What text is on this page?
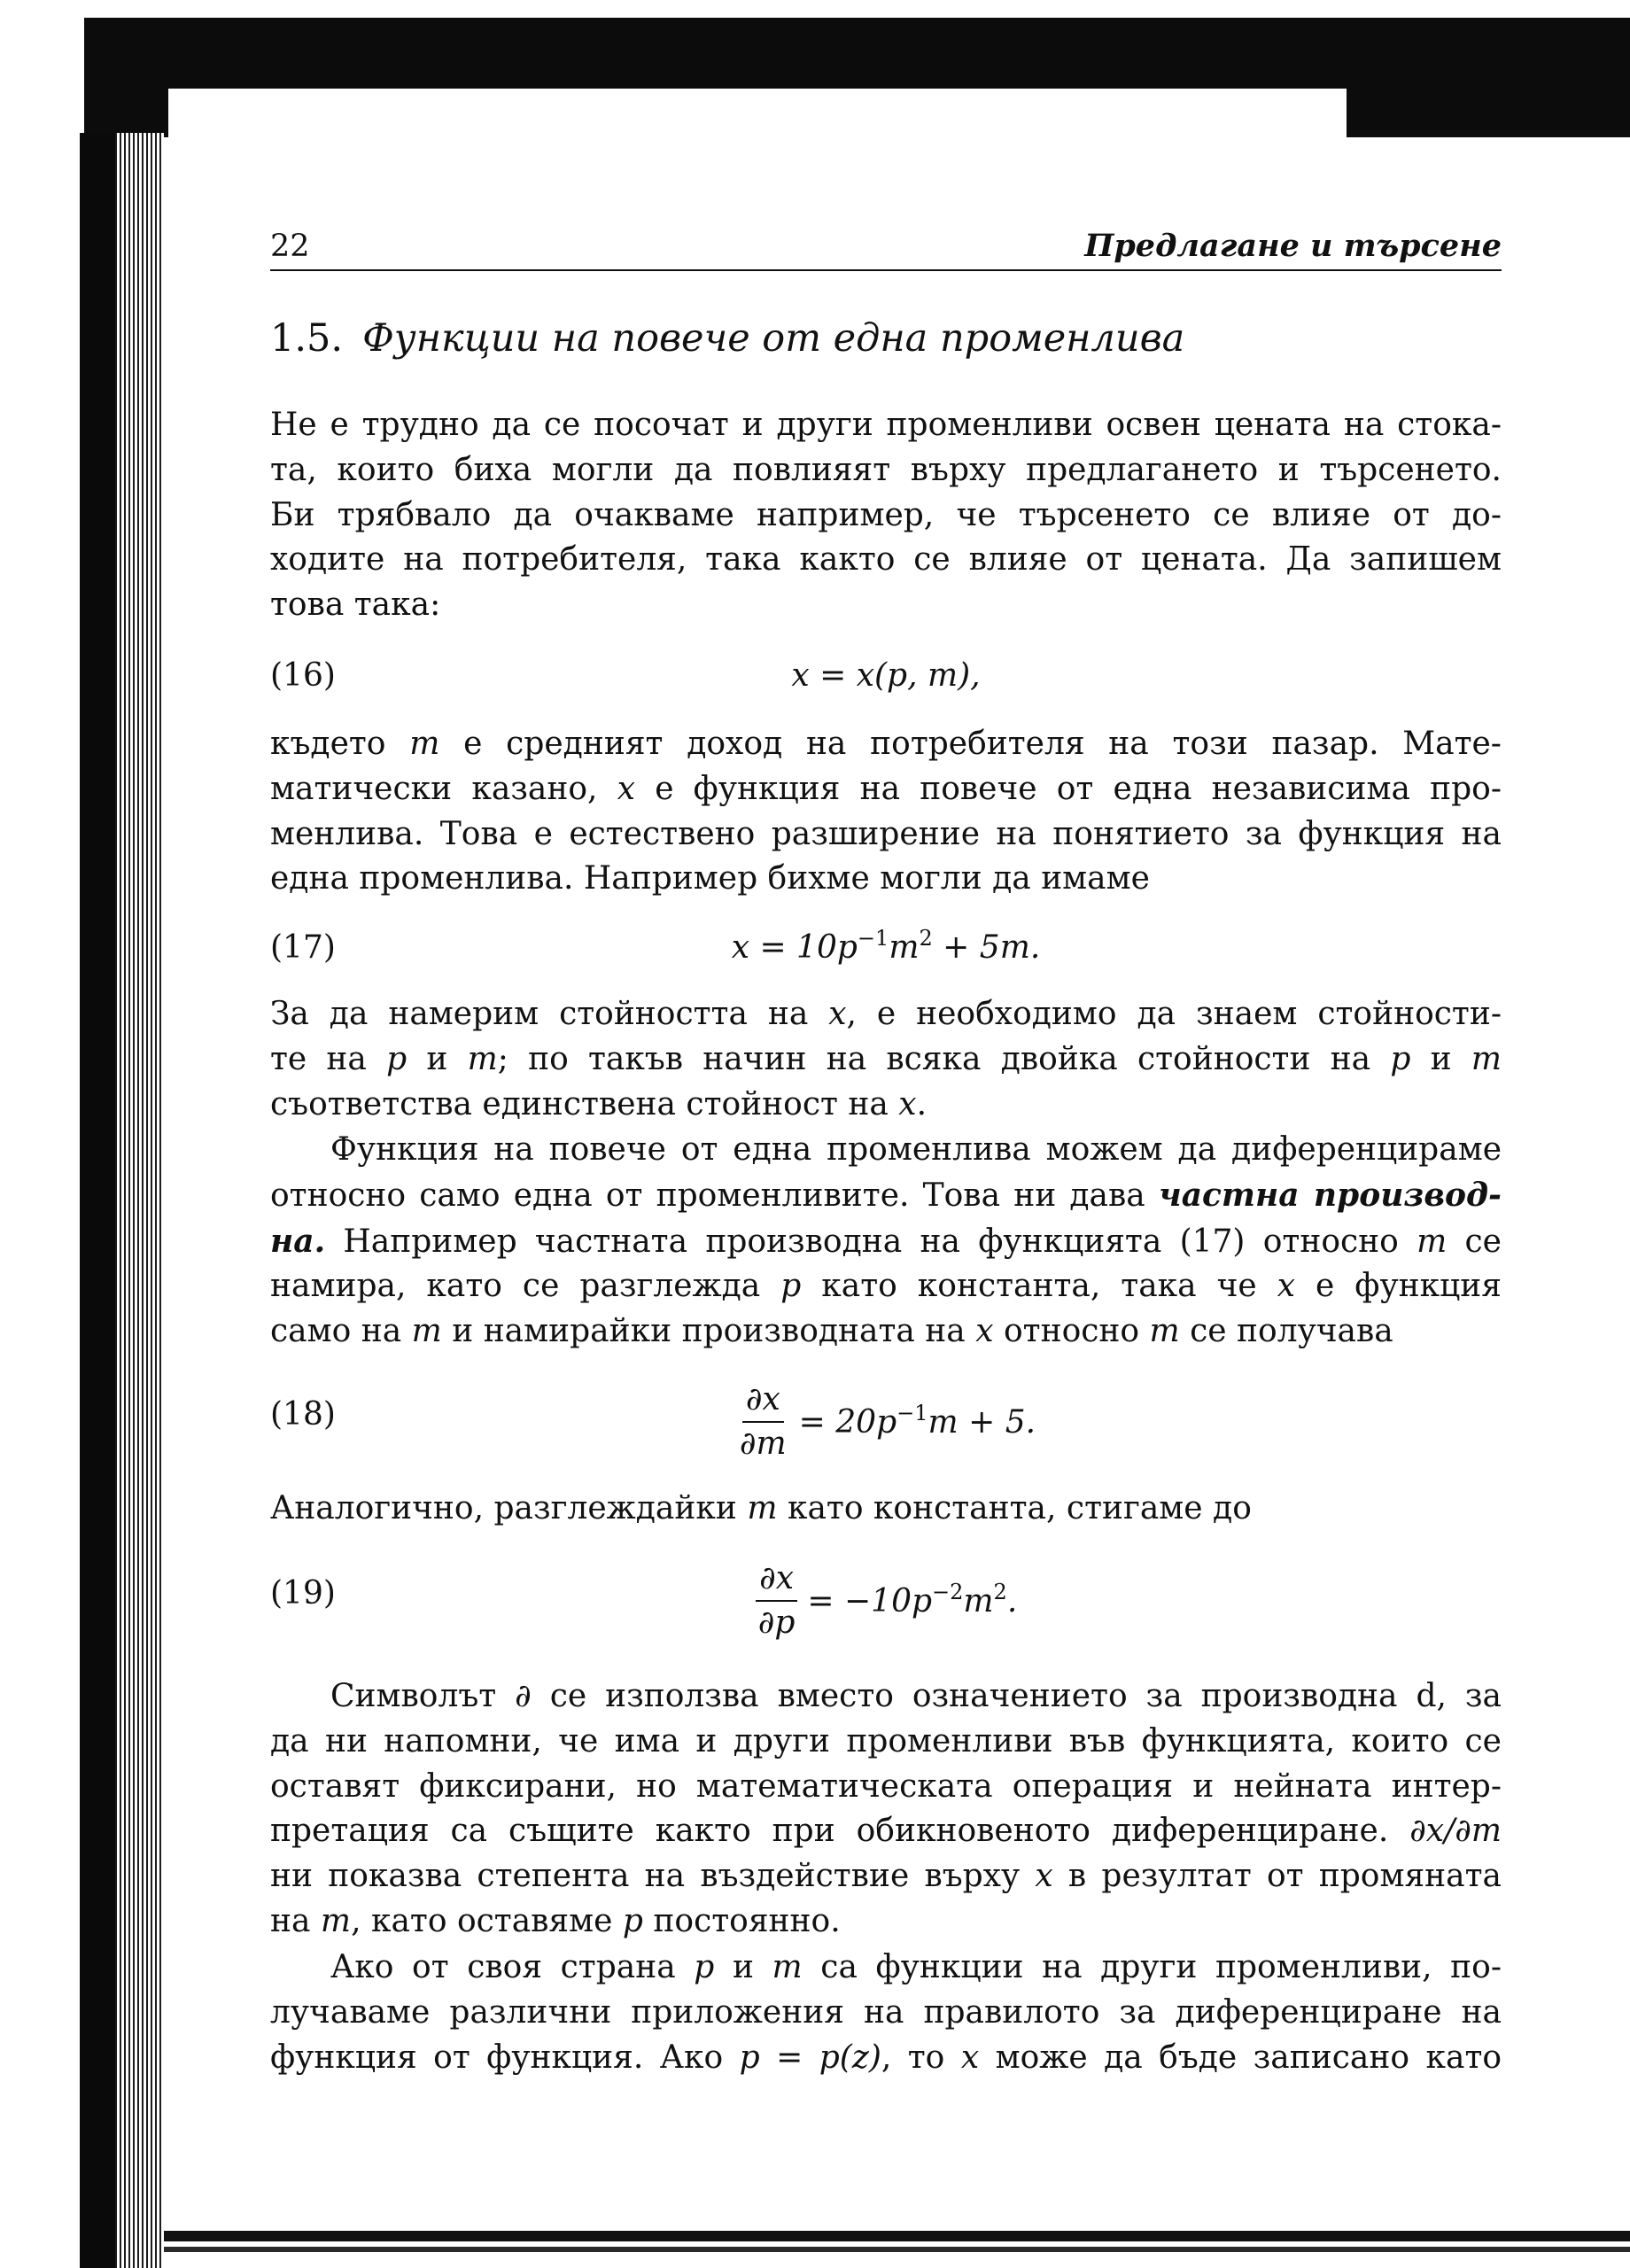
22	Предлагане и търсене
1.5. Функции на повече от една променлива
Не е трудно да се посочат и други променливи освен цената на стока-
та, които биха могли да повлияят върху предлагането и търсенето.
Би трябвало да очакваме например, че търсенето се влияе от до-
ходите на потребителя, така както се влияе от цената. Да запишем
това така:
(16)	x = x(p, m),
където m е средният доход на потребителя на този пазар. Мате-
матически казано, x е функция на повече от една независима про-
менлива. Това е естествено разширение на понятието за функция на
една променлива. Например бихме могли да имаме
(17)	$x = 10p^{-1}m^2 + 5m$.
За да намерим стойността на x, е необходимо да знаем стойности-
те на p и m; по такъв начин на всяка двойка стойности на p и m
съответства единствена стойност на x.
Функция на повече от една променлива можем да диференцираме
относно само една от променливите. Това ни дава частна производ-
на. Например частната производна на функцията (17) относно m се
намира, като се разглежда p като константа, така че x е функция
само на m и намирайки производната на x относно m се получава
(18)	$\frac{\partial x}{\partial m} = 20p^{-1}m + 5$.
Аналогично, разглеждайки m като константа, стигаме до
(19)	$\frac{\partial x}{\partial p} = -10p^{-2}m^2$.
Символът ∂ се използва вместо означението за производна d, за
да ни напомни, че има и други променливи във функцията, които се
оставят фиксирани, но математическата операция и нейната интер-
претация са същите както при обикновеното диференциране. ∂x/∂m
ни показва степента на въздействие върху x в резултат от промяната
на m, като оставяме p постоянно.
Ако от своя страна p и m са функции на други променливи, по-
лучаваме различни приложения на правилото за диференциране на
функция от функция. Ако p = p(z), то x може да бъде записано като
